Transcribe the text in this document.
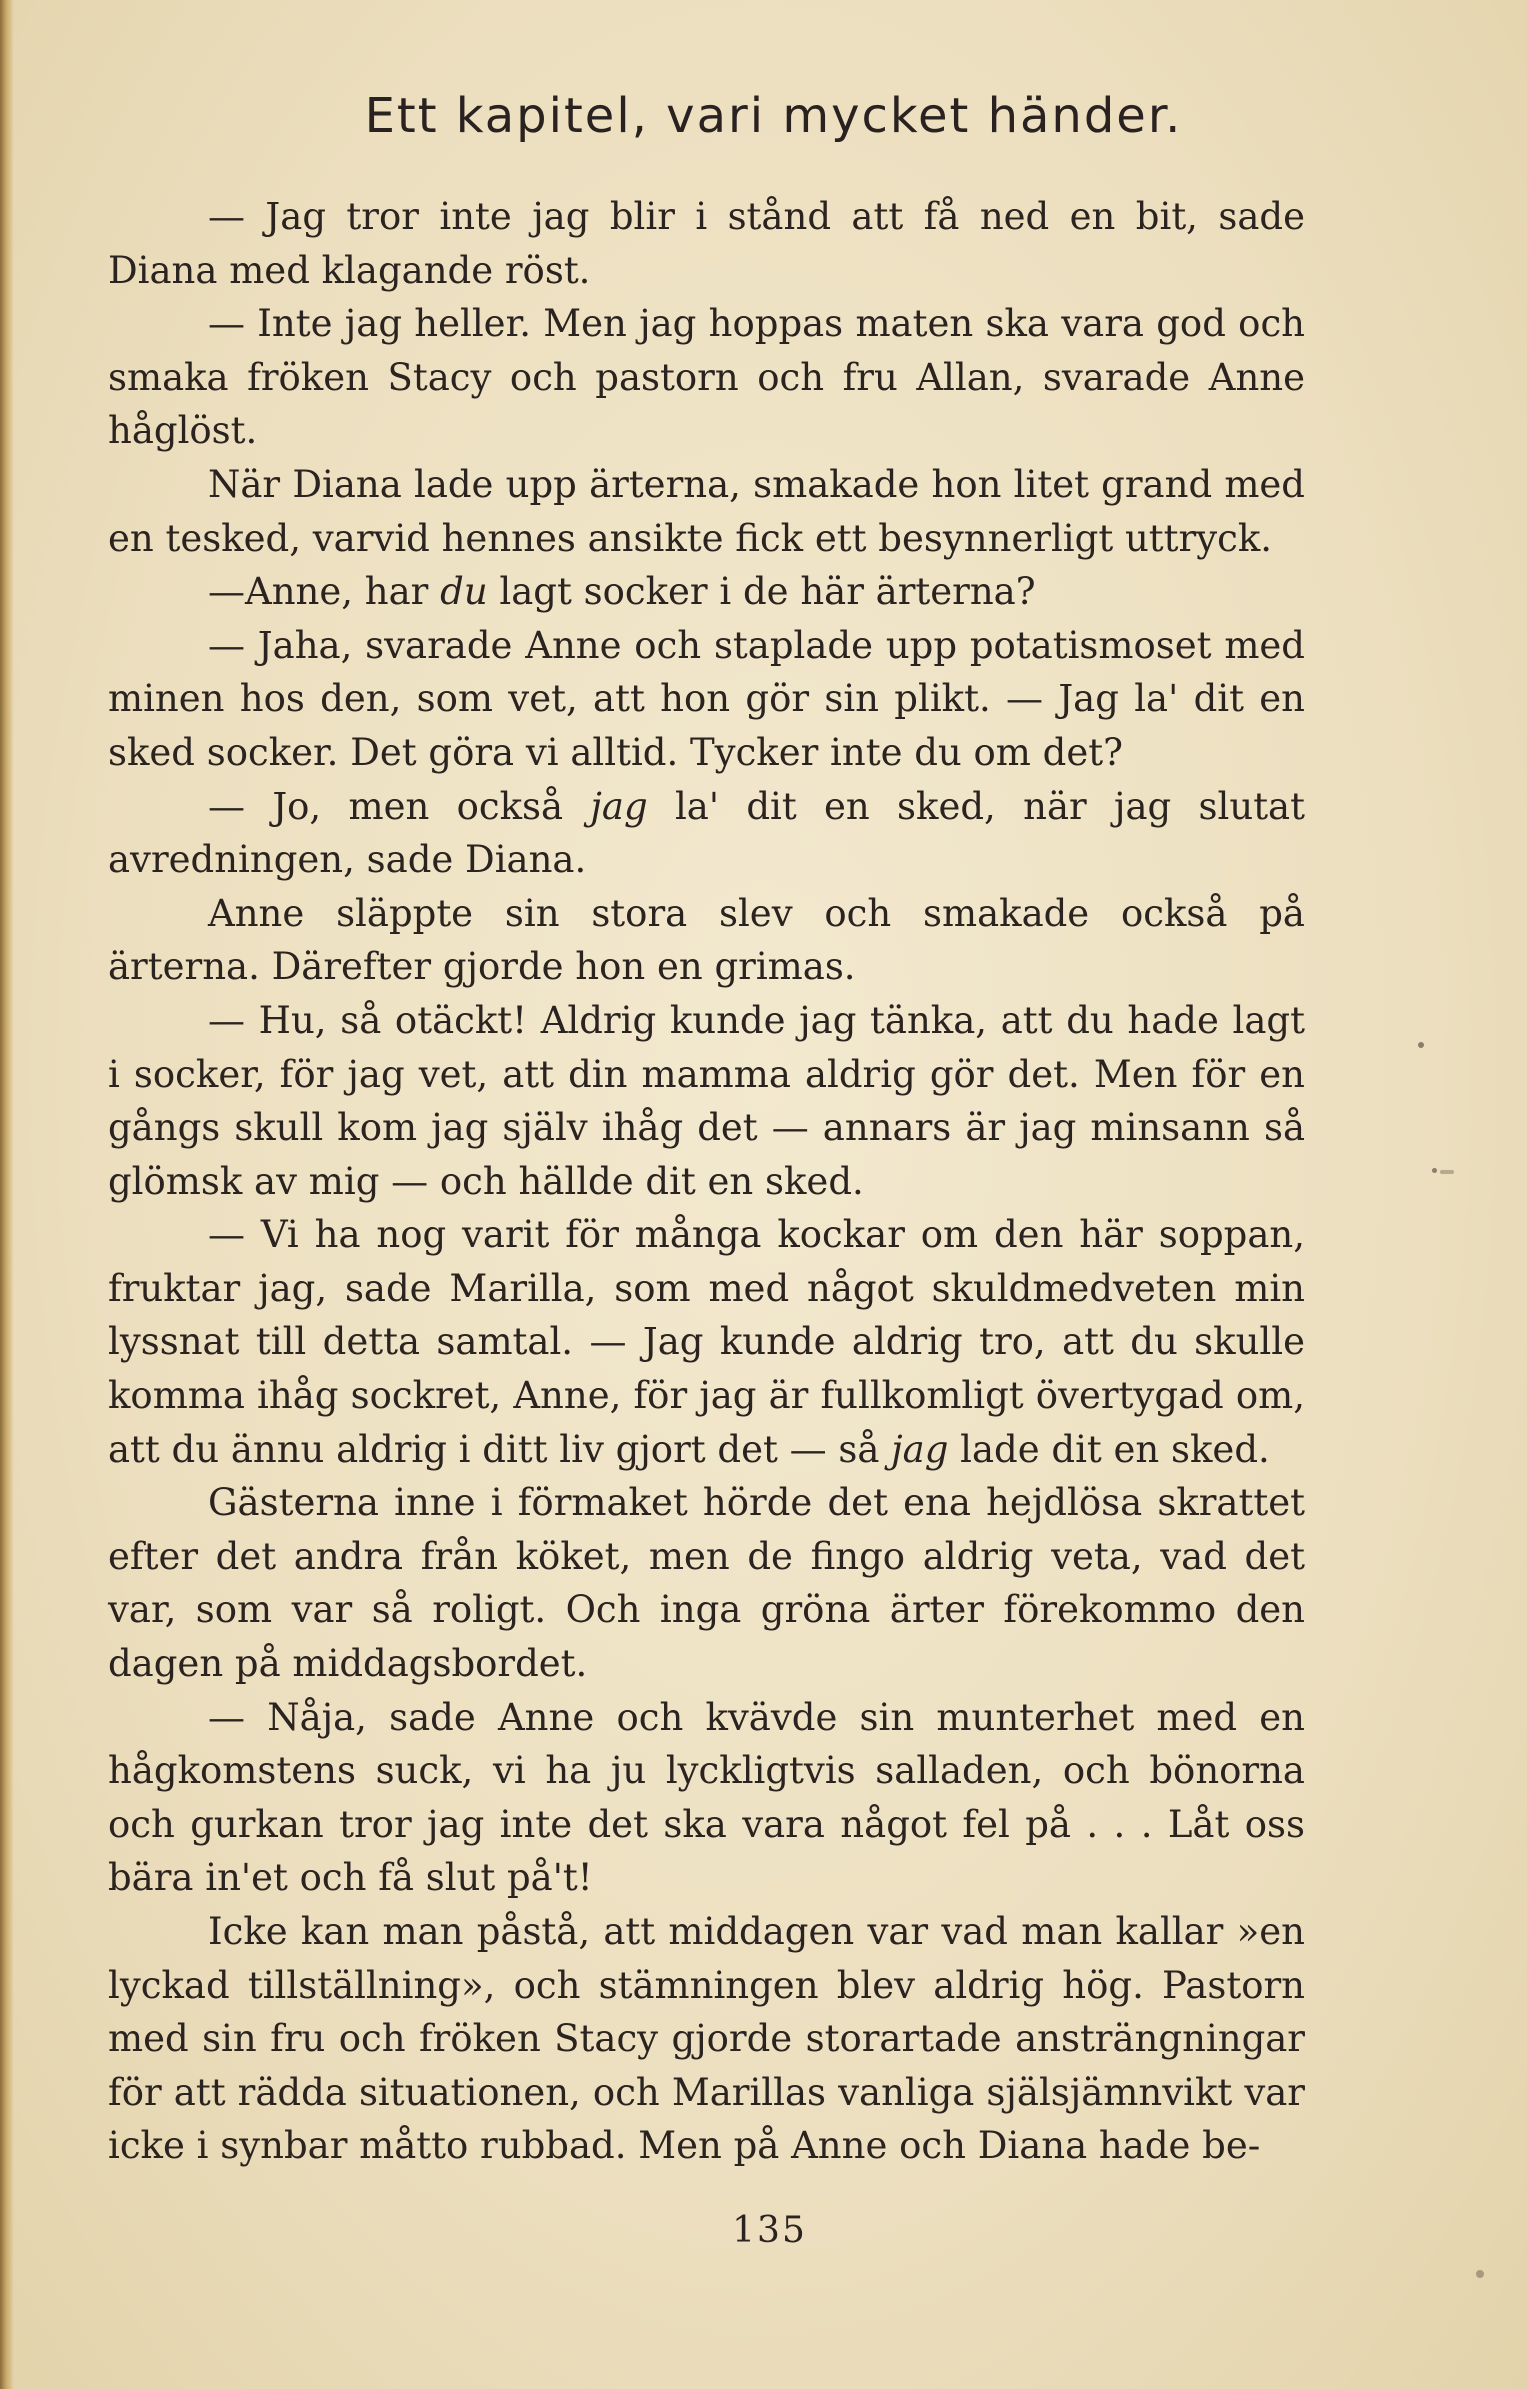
Ett kapitel, vari mycket händer.

— Jag tror inte jag blir i stånd att få ned en bit, sade Diana med klagande röst.

— Inte jag heller. Men jag hoppas maten ska vara god och smaka fröken Stacy och pastorn och fru Allan, svarade Anne håglöst.

När Diana lade upp ärterna, smakade hon litet grand med en tesked, varvid hennes ansikte fick ett besynnerligt uttryck.

—Anne, har du lagt socker i de här ärterna?

— Jaha, svarade Anne och staplade upp potatismoset med minen hos den, som vet, att hon gör sin plikt. — Jag la' dit en sked socker. Det göra vi alltid. Tycker inte du om det?

— Jo, men också jag la' dit en sked, när jag slutat avredningen, sade Diana.

Anne släppte sin stora slev och smakade också på ärterna. Därefter gjorde hon en grimas.

— Hu, så otäckt! Aldrig kunde jag tänka, att du hade lagt i socker, för jag vet, att din mamma aldrig gör det. Men för en gångs skull kom jag själv ihåg det — annars är jag minsann så glömsk av mig — och hällde dit en sked.

— Vi ha nog varit för många kockar om den här soppan, fruktar jag, sade Marilla, som med något skuldmedveten min lyssnat till detta samtal. — Jag kunde aldrig tro, att du skulle komma ihåg sockret, Anne, för jag är fullkomligt övertygad om, att du ännu aldrig i ditt liv gjort det — så jag lade dit en sked.

Gästerna inne i förmaket hörde det ena hejdlösa skrattet efter det andra från köket, men de fingo aldrig veta, vad det var, som var så roligt. Och inga gröna ärter förekommo den dagen på middagsbordet.

— Nåja, sade Anne och kvävde sin munterhet med en hågkomstens suck, vi ha ju lyckligtvis salladen, och bönorna och gurkan tror jag inte det ska vara något fel på . . . Låt oss bära in'et och få slut på't!

Icke kan man påstå, att middagen var vad man kallar »en lyckad tillställning», och stämningen blev aldrig hög. Pastorn med sin fru och fröken Stacy gjorde storartade ansträngningar för att rädda situationen, och Marillas vanliga själsjämnvikt var icke i synbar måtto rubbad. Men på Anne och Diana hade be-

135
